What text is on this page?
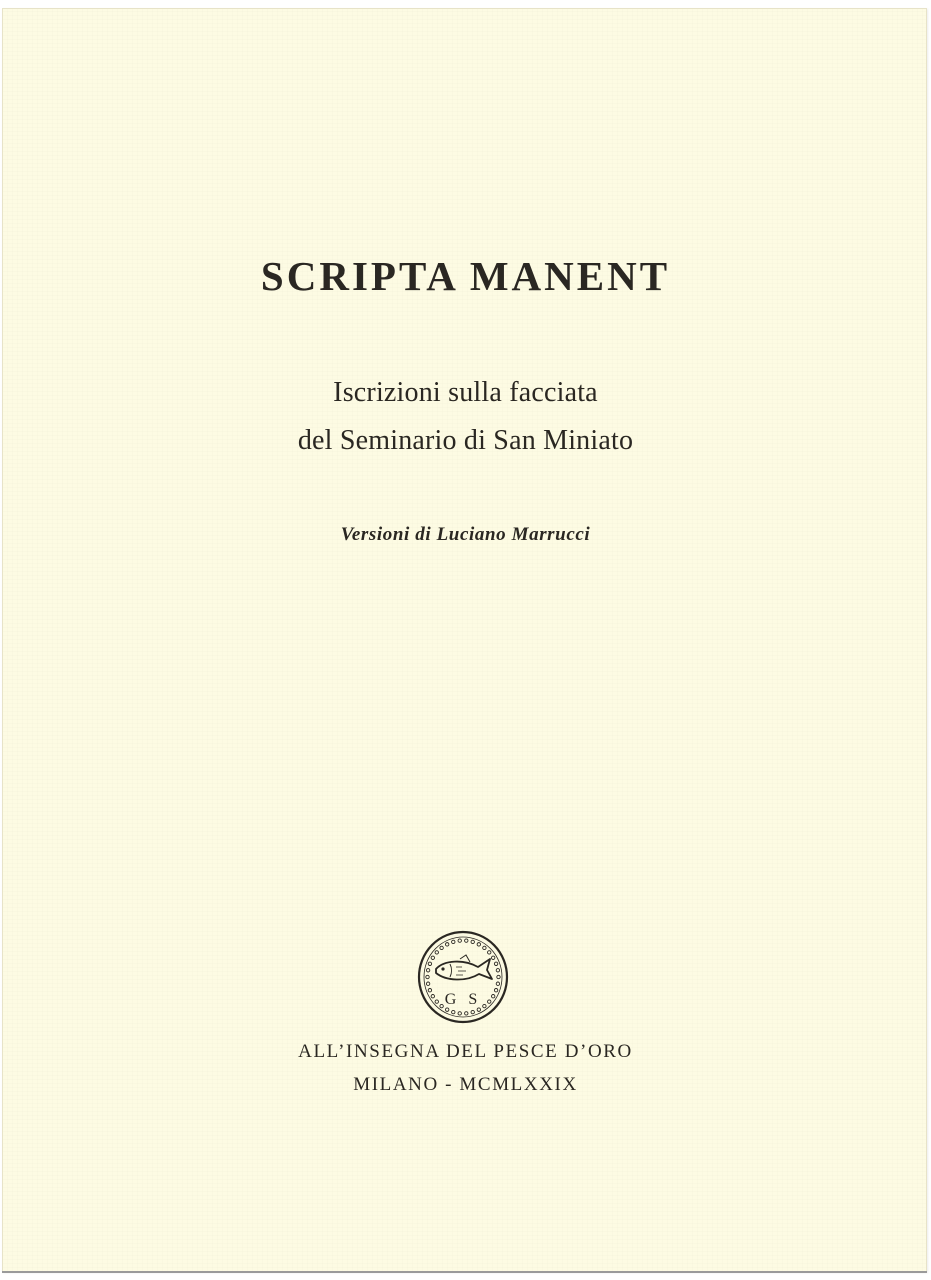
SCRIPTA MANENT

Iscrizioni sulla facciata

del Seminario di San Miniato

Versioni di Luciano Marrucci

G S

ALL’INSEGNA DEL PESCE D’ORO

MILANO - MCMLXXIX
